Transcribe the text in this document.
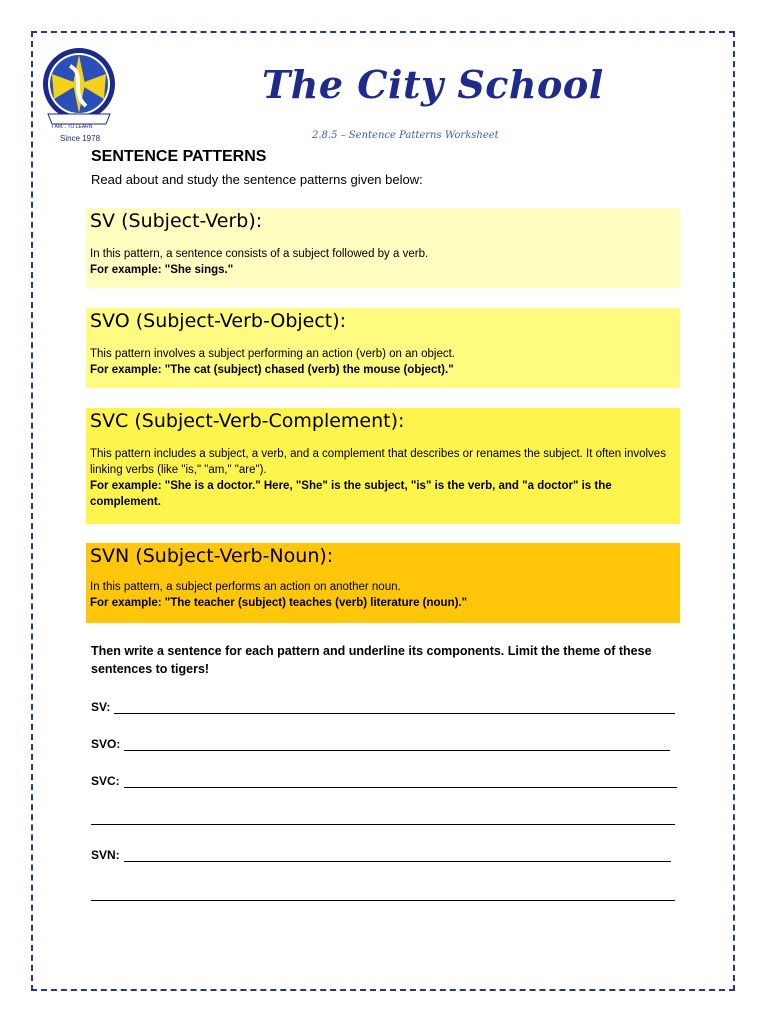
I AM... TO LEARN
Since 1978
The City School
2.8.5 – Sentence Patterns Worksheet
SENTENCE PATTERNS
Read about and study the sentence patterns given below:

SV (Subject-Verb):

In this pattern, a sentence consists of a subject followed by a verb.

For example: "She sings."

SVO (Subject-Verb-Object):

This pattern involves a subject performing an action (verb) on an object.

For example: "The cat (subject) chased (verb) the mouse (object)."

SVC (Subject-Verb-Complement):

This pattern includes a subject, a verb, and a complement that describes or renames the subject. It often involves linking verbs (like "is," "am," "are").

For example: "She is a doctor." Here, "She" is the subject, "is" is the verb, and "a doctor" is the complement.

SVN (Subject-Verb-Noun):

In this pattern, a subject performs an action on another noun.

For example: "The teacher (subject) teaches (verb) literature (noun)."

Then write a sentence for each pattern and underline its components. Limit the theme of these sentences to tigers!
SV:
SVO:
SVC:
SVN:
